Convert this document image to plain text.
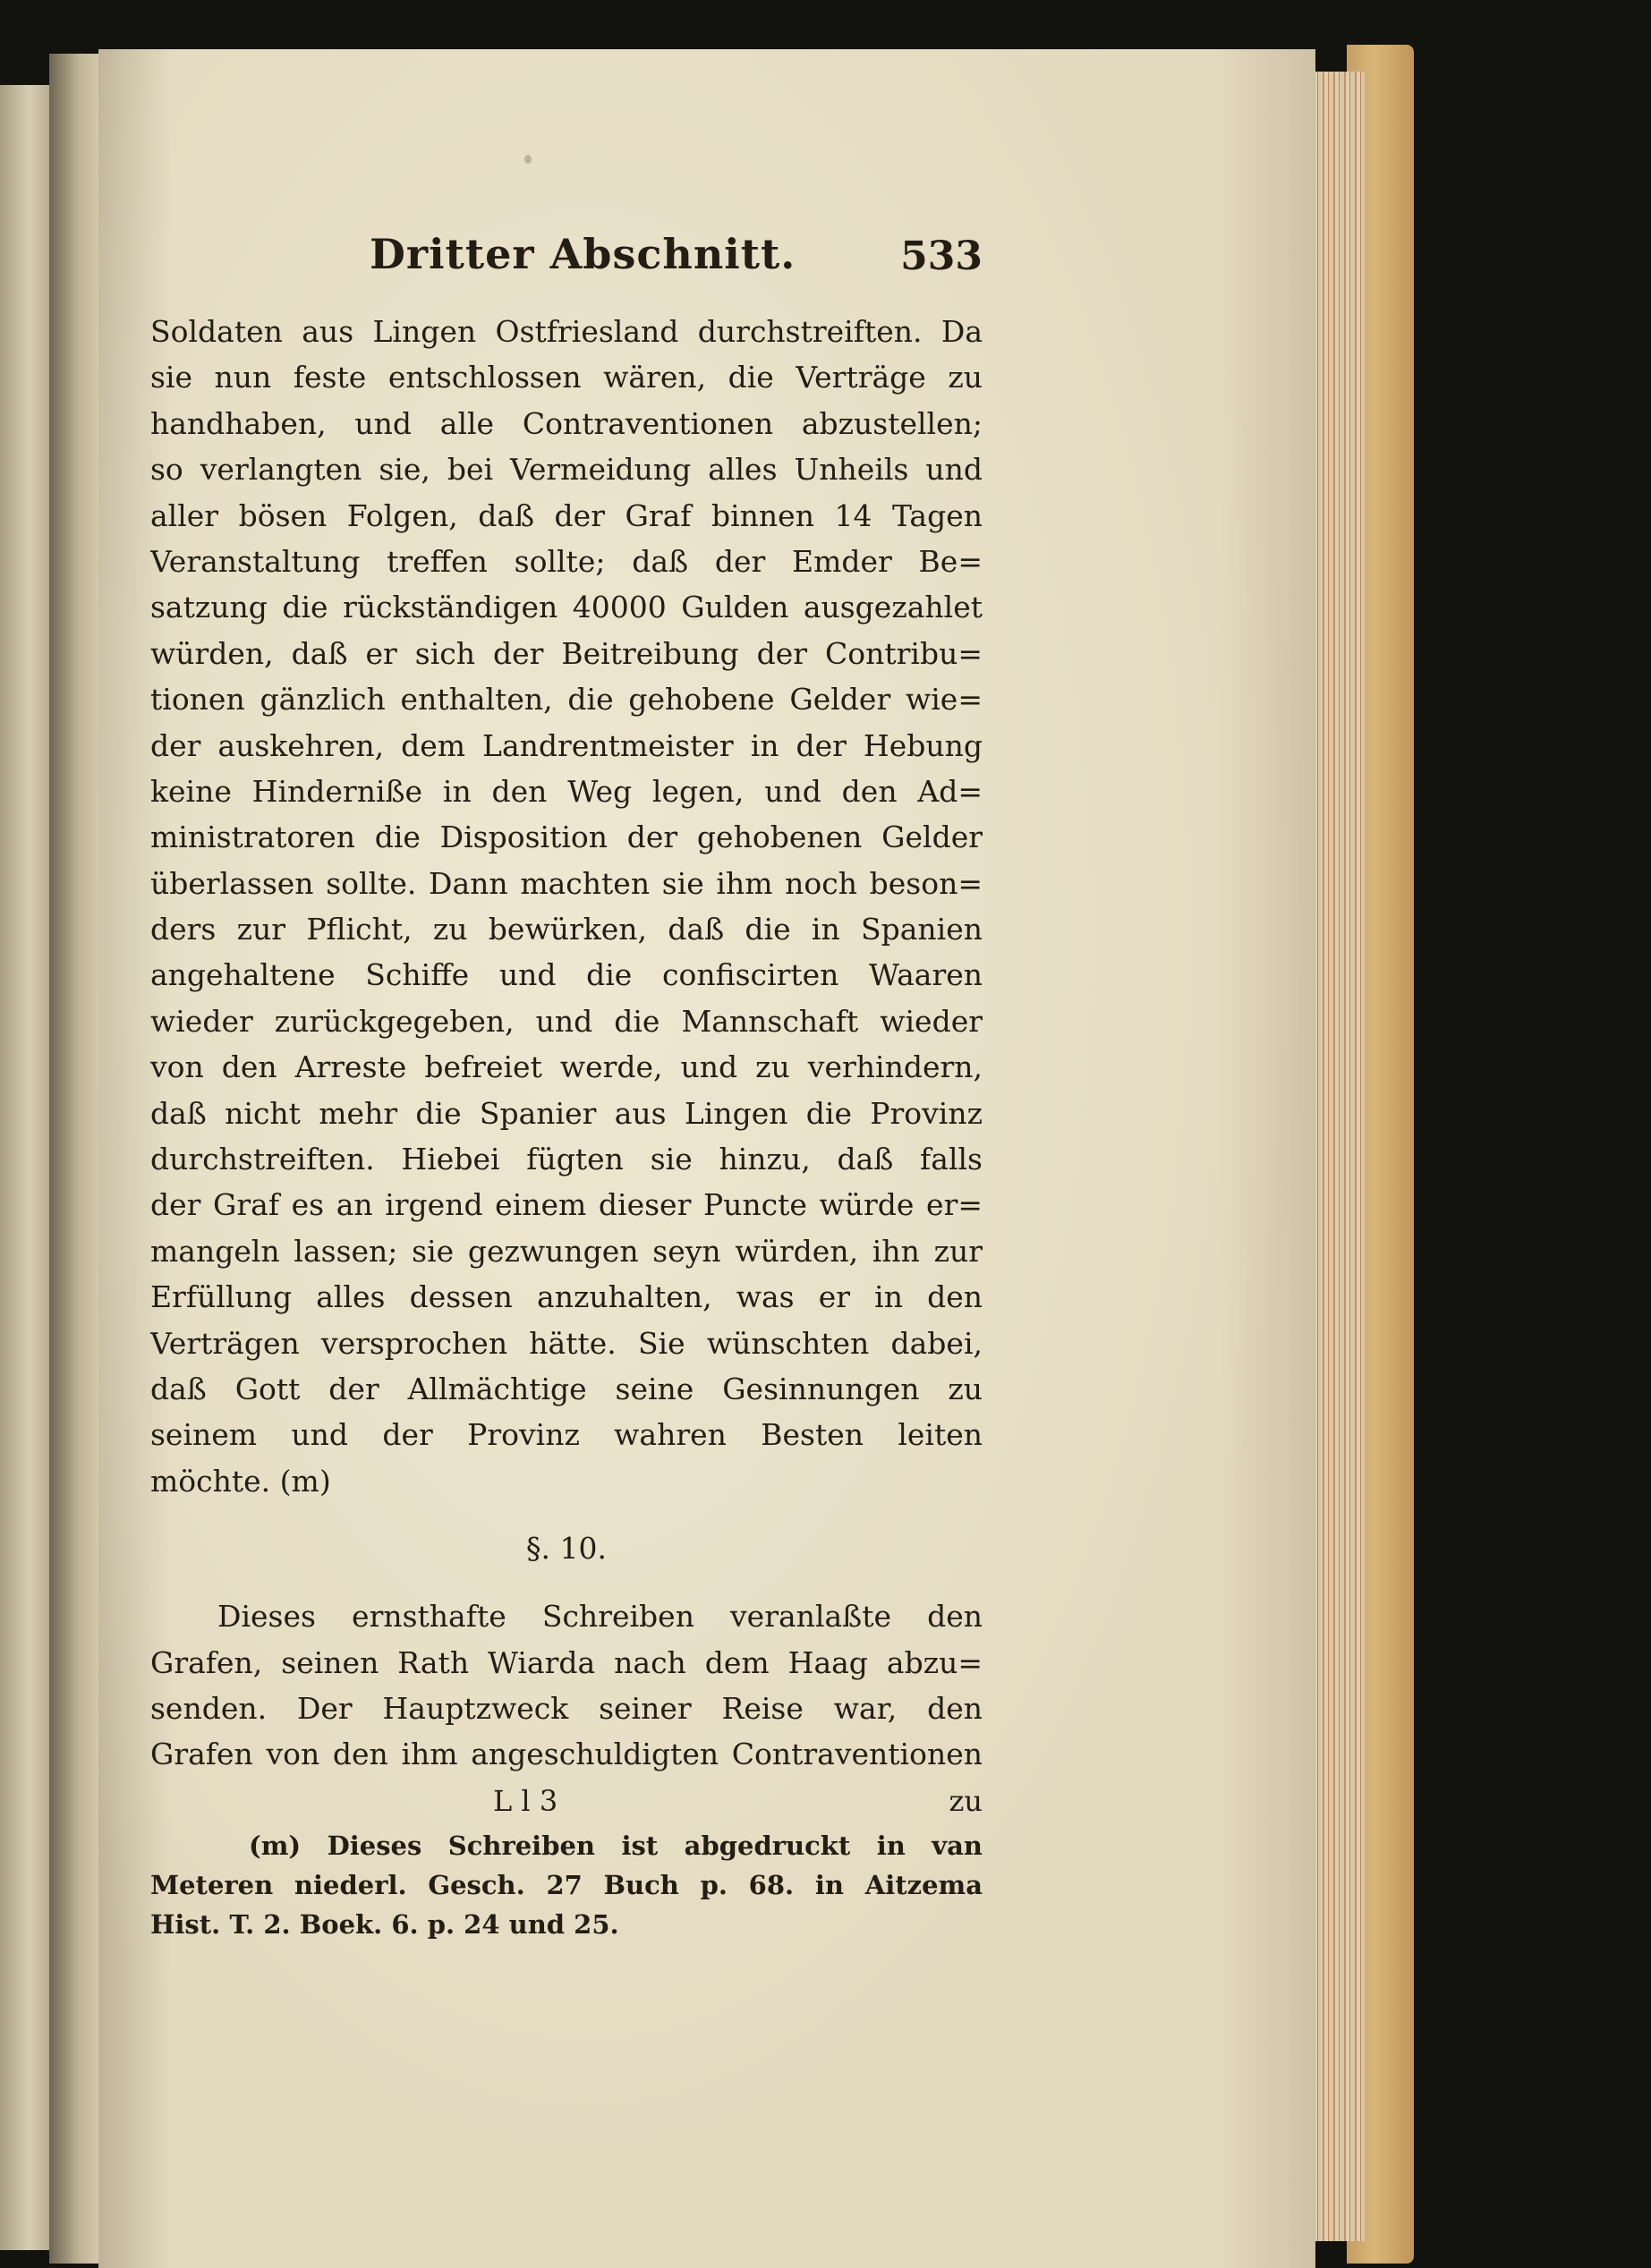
Dritter Abschnitt.	533
Soldaten aus Lingen Ostfriesland durchstreiften. Da
sie nun feste entschlossen wären, die Verträge zu
handhaben, und alle Contraventionen abzustellen;
so verlangten sie, bei Vermeidung alles Unheils und
aller bösen Folgen, daß der Graf binnen 14 Tagen
Veranstaltung treffen sollte; daß der Emder Be=
satzung die rückständigen 40000 Gulden ausgezahlet
würden, daß er sich der Beitreibung der Contribu=
tionen gänzlich enthalten, die gehobene Gelder wie=
der auskehren, dem Landrentmeister in der Hebung
keine Hinderniße in den Weg legen, und den Ad=
ministratoren die Disposition der gehobenen Gelder
überlassen sollte. Dann machten sie ihm noch beson=
ders zur Pflicht, zu bewürken, daß die in Spanien
angehaltene Schiffe und die confiscirten Waaren
wieder zurückgegeben, und die Mannschaft wieder
von den Arreste befreiet werde, und zu verhindern,
daß nicht mehr die Spanier aus Lingen die Provinz
durchstreiften. Hiebei fügten sie hinzu, daß falls
der Graf es an irgend einem dieser Puncte würde er=
mangeln lassen; sie gezwungen seyn würden, ihn zur
Erfüllung alles dessen anzuhalten, was er in den
Verträgen versprochen hätte. Sie wünschten dabei,
daß Gott der Allmächtige seine Gesinnungen zu
seinem und der Provinz wahren Besten leiten
möchte. (m)
§. 10.
Dieses ernsthafte Schreiben veranlaßte den
Grafen, seinen Rath Wiarda nach dem Haag abzu=
senden. Der Hauptzweck seiner Reise war, den
Grafen von den ihm angeschuldigten Contraventionen
L l 3	zu
(m) Dieses Schreiben ist abgedruckt in van
Meteren niederl. Gesch. 27 Buch p. 68. in Aitzema
Hist. T. 2. Boek. 6. p. 24 und 25.
